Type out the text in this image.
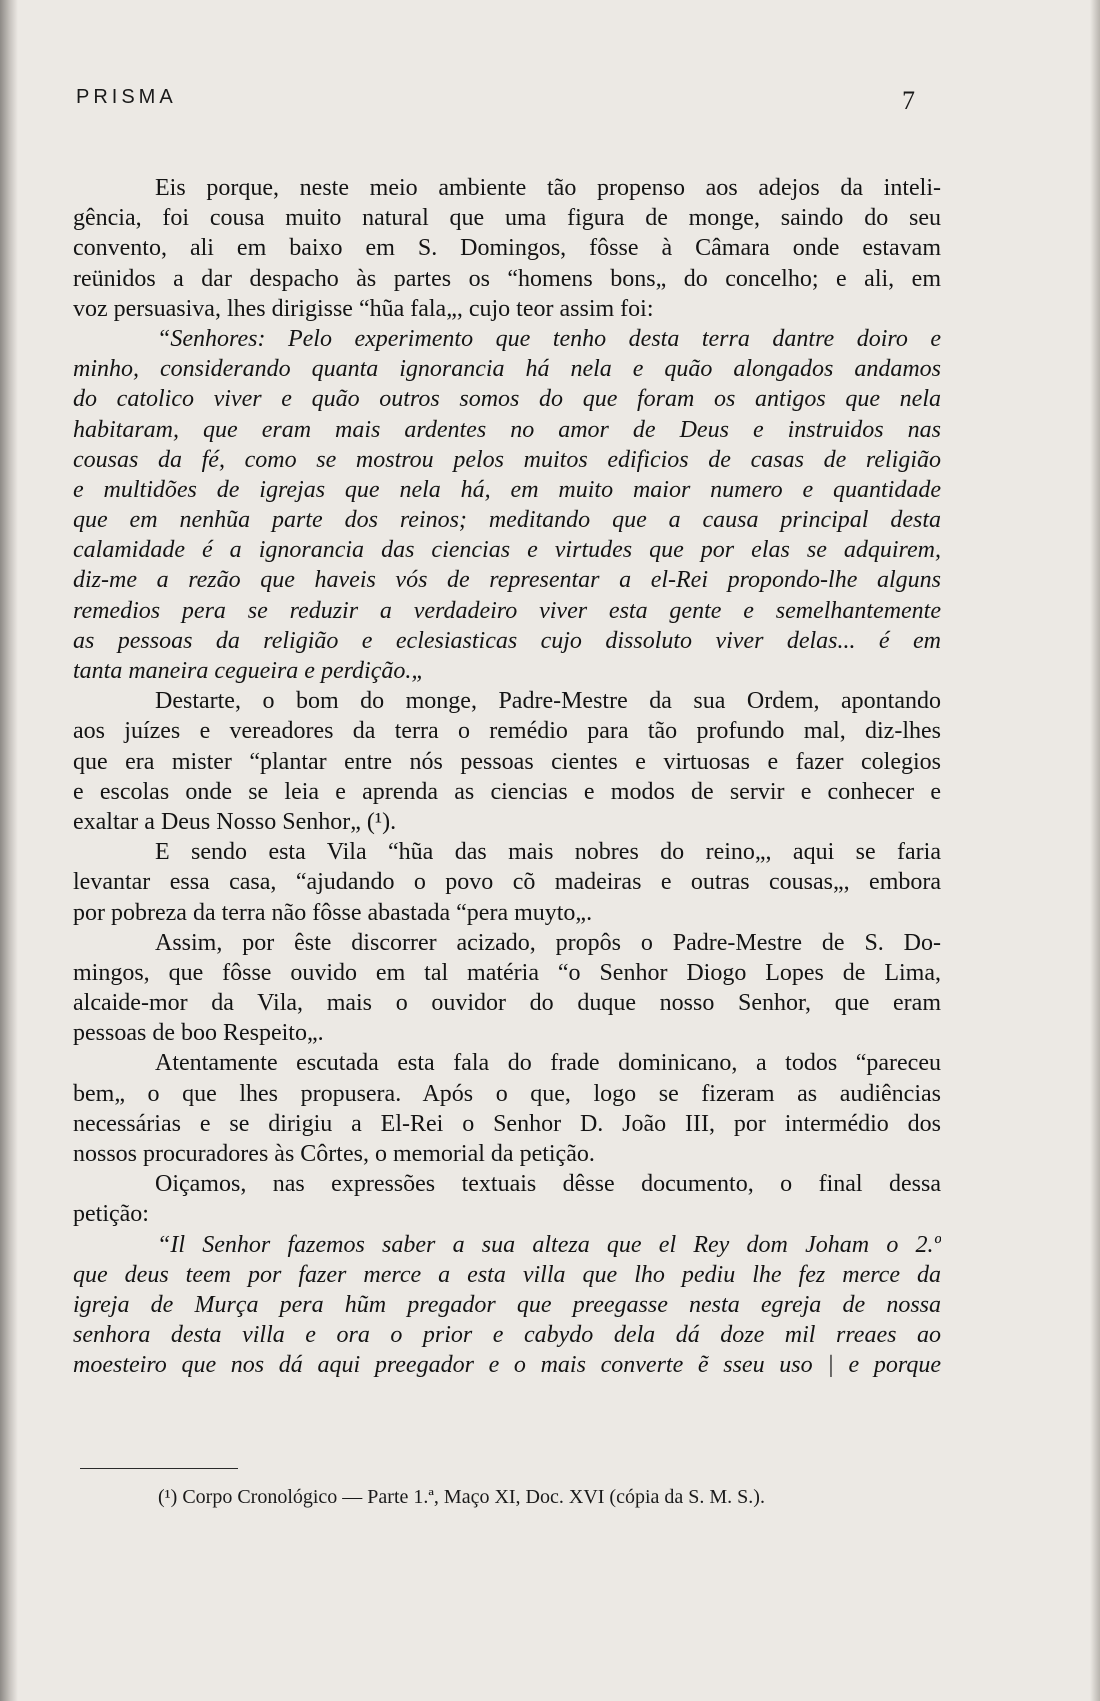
PRISMA	7
Eis porque, neste meio ambiente tão propenso aos adejos da inteli-
gência, foi cousa muito natural que uma figura de monge, saindo do seu
convento, ali em baixo em S. Domingos, fôsse à Câmara onde estavam
reünidos a dar despacho às partes os “homens bons„ do concelho; e ali, em
voz persuasiva, lhes dirigisse “hũa fala„, cujo teor assim foi:
“Senhores: Pelo experimento que tenho desta terra dantre doiro e
minho, considerando quanta ignorancia há nela e quão alongados andamos
do catolico viver e quão outros somos do que foram os antigos que nela
habitaram, que eram mais ardentes no amor de Deus e instruidos nas
cousas da fé, como se mostrou pelos muitos edificios de casas de religião
e multidões de igrejas que nela há, em muito maior numero e quantidade
que em nenhũa parte dos reinos; meditando que a causa principal desta
calamidade é a ignorancia das ciencias e virtudes que por elas se adquirem,
diz-me a rezão que haveis vós de representar a el-Rei propondo-lhe alguns
remedios pera se reduzir a verdadeiro viver esta gente e semelhantemente
as pessoas da religião e eclesiasticas cujo dissoluto viver delas... é em
tanta maneira cegueira e perdição.„
Destarte, o bom do monge, Padre-Mestre da sua Ordem, apontando
aos juízes e vereadores da terra o remédio para tão profundo mal, diz-lhes
que era mister “plantar entre nós pessoas cientes e virtuosas e fazer colegios
e escolas onde se leia e aprenda as ciencias e modos de servir e conhecer e
exaltar a Deus Nosso Senhor„ (¹).
E sendo esta Vila “hũa das mais nobres do reino„, aqui se faria
levantar essa casa, “ajudando o povo cõ madeiras e outras cousas„, embora
por pobreza da terra não fôsse abastada “pera muyto„.
Assim, por êste discorrer acizado, propôs o Padre-Mestre de S. Do-
mingos, que fôsse ouvido em tal matéria “o Senhor Diogo Lopes de Lima,
alcaide-mor da Vila, mais o ouvidor do duque nosso Senhor, que eram
pessoas de boo Respeito„.
Atentamente escutada esta fala do frade dominicano, a todos “pareceu
bem„ o que lhes propusera. Após o que, logo se fizeram as audiências
necessárias e se dirigiu a El-Rei o Senhor D. João III, por intermédio dos
nossos procuradores às Côrtes, o memorial da petição.
Oiçamos, nas expressões textuais dêsse documento, o final dessa
petição:
“Il Senhor fazemos saber a sua alteza que el Rey dom Joham o 2.º
que deus teem por fazer merce a esta villa que lho pediu lhe fez merce da
igreja de Murça pera hũm pregador que preegasse nesta egreja de nossa
senhora desta villa e ora o prior e cabydo dela dá doze mil rreaes ao
moesteiro que nos dá aqui preegador e o mais converte ẽ sseu uso | e porque
(¹) Corpo Cronológico — Parte 1.ª, Maço XI, Doc. XVI (cópia da S. M. S.).
